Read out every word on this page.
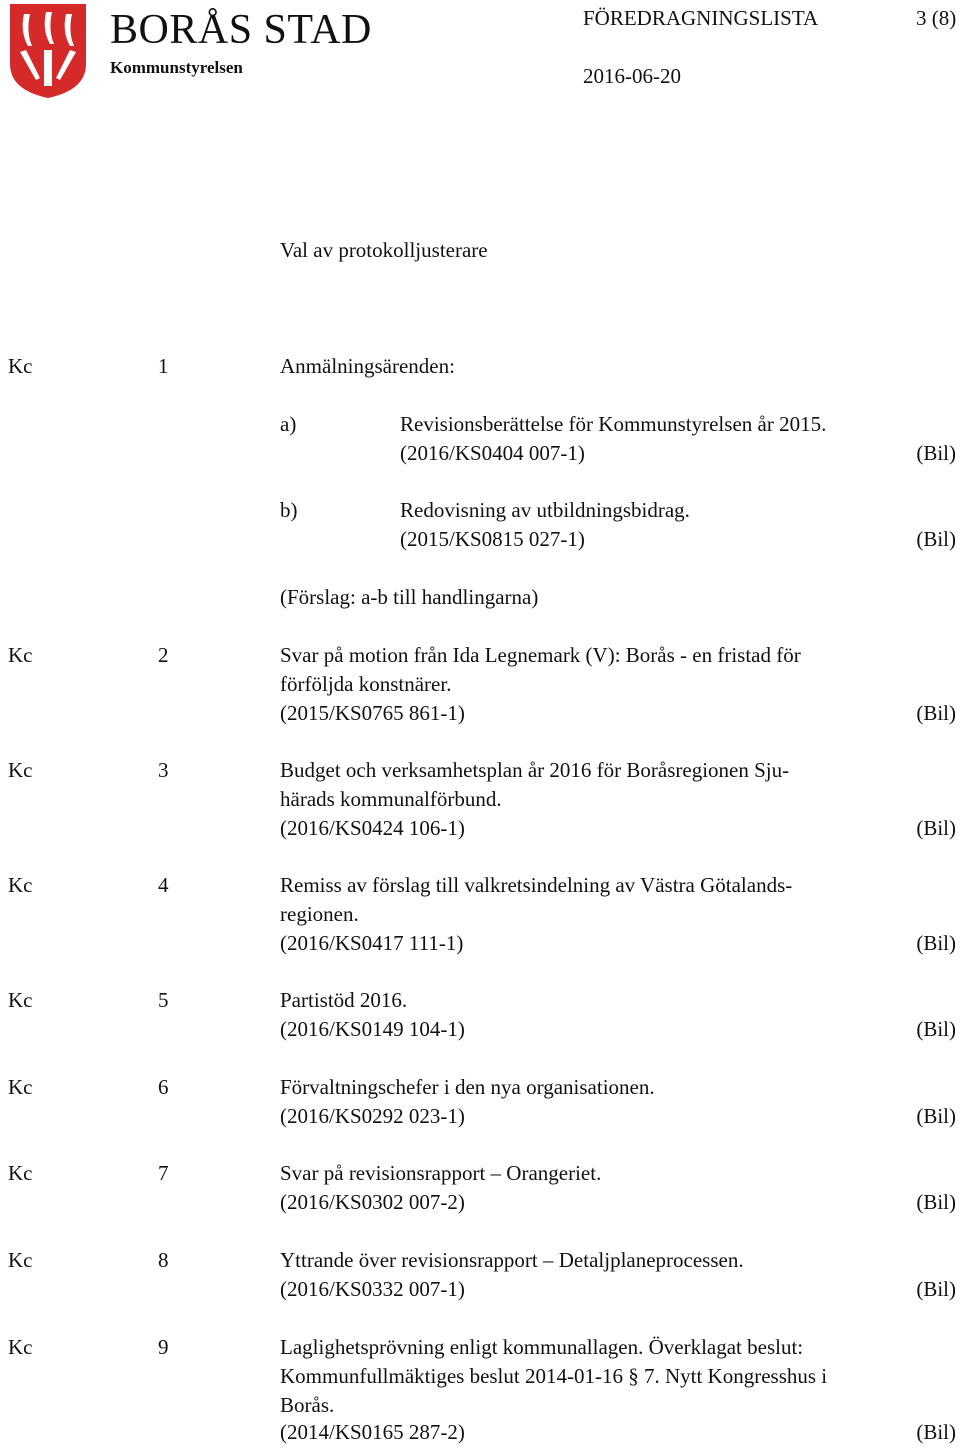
BORÅS STAD
Kommunstyrelsen
FÖREDRAGNINGSLISTA	3 (8)
2016-06-20
Val av protokolljusterare
Kc	1	Anmälningsärenden:
a)	Revisionsberättelse för Kommunstyrelsen år 2015.
(2016/KS0404 007-1)	(Bil)
b)	Redovisning av utbildningsbidrag.
(2015/KS0815 027-1)	(Bil)
(Förslag: a-b till handlingarna)
Kc	2	Svar på motion från Ida Legnemark (V): Borås - en fristad för
förföljda konstnärer.
(2015/KS0765 861-1)	(Bil)
Kc	3	Budget och verksamhetsplan år 2016 för Boråsregionen Sju-
härads kommunalförbund.
(2016/KS0424 106-1)	(Bil)
Kc	4	Remiss av förslag till valkretsindelning av Västra Götalands-
regionen.
(2016/KS0417 111-1)	(Bil)
Kc	5	Partistöd 2016.
(2016/KS0149 104-1)	(Bil)
Kc	6	Förvaltningschefer i den nya organisationen.
(2016/KS0292 023-1)	(Bil)
Kc	7	Svar på revisionsrapport – Orangeriet.
(2016/KS0302 007-2)	(Bil)
Kc	8	Yttrande över revisionsrapport – Detaljplaneprocessen.
(2016/KS0332 007-1)	(Bil)
Kc	9	Laglighetsprövning enligt kommunallagen. Överklagat beslut:
Kommunfullmäktiges beslut 2014-01-16 § 7. Nytt Kongresshus i
Borås.
(2014/KS0165 287-2)	(Bil)
